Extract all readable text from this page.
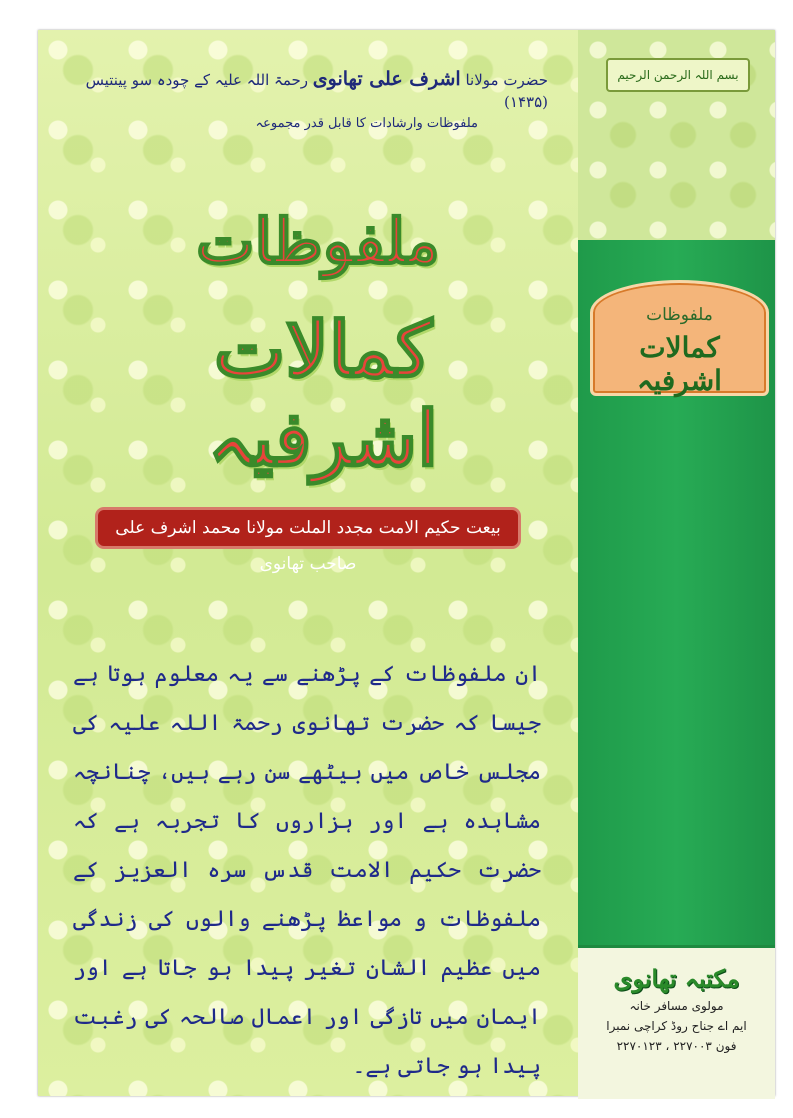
حضرت مولانا اشرف علی تھانوی رحمۃ اللہ علیہ کے چودہ سو پینتیس (۱۴۳۵)
ملفوظات وارشادات کا قابل قدر مجموعہ
ملفوظات
کمالات اشرفیہ
بیعت حکیم الامت مجدد الملت مولانا محمد اشرف علی صاحب تھانوی
ان ملفوظات کے پڑھنے سے یہ معلوم ہوتا ہے جیسا کہ حضرت تھانوی رحمۃ اللہ علیہ کی مجلس خاص میں بیٹھے سن رہے ہیں، چنانچہ مشاہدہ ہے اور ہزاروں کا تجربہ ہے کہ حضرت حکیم الامت قدس سرہ العزیز کے ملفوظات و مواعظ پڑھنے والوں کی زندگی میں عظیم الشان تغیر پیدا ہو جاتا ہے اور ایمان میں تازگی اور اعمال صالحہ کی رغبت پیدا ہو جاتی ہے۔
بسم اللہ الرحمن الرحیم
ملفوظات
کمالات اشرفیہ
مکتبہ تھانوی
مولوی مسافر خانہ
ایم اے جناح روڈ کراچی نمبرا
فون ۲۲۷۰۰۳ ، ۲۲۷۰۱۲۳
